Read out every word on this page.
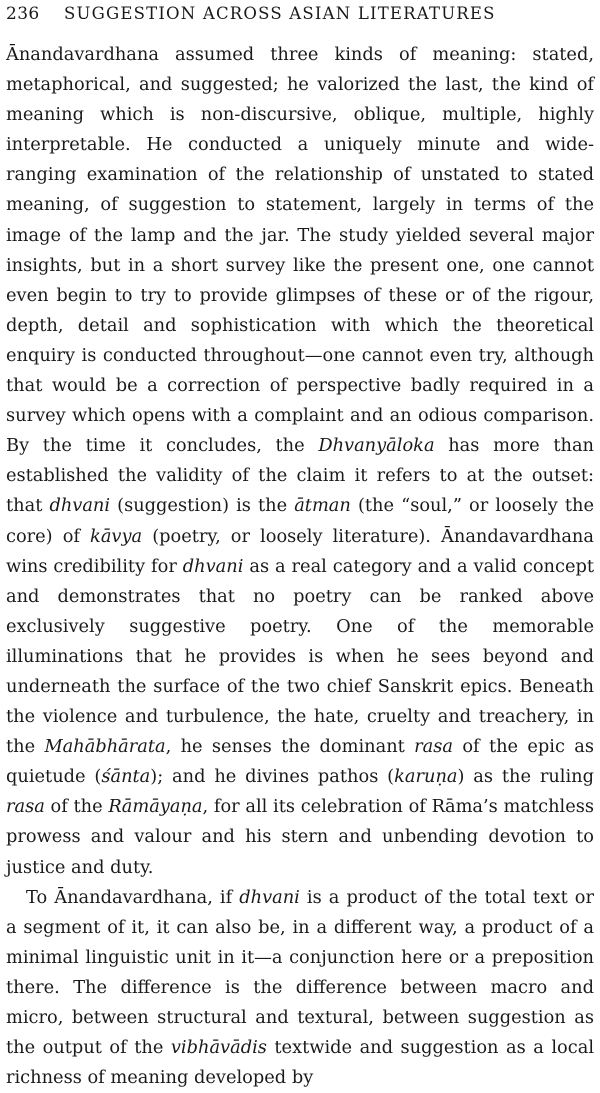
236	SUGGESTION ACROSS ASIAN LITERATURES

Ānandavardhana assumed three kinds of meaning: stated, metaphorical, and suggested; he valorized the last, the kind of meaning which is non-discursive, oblique, multiple, highly interpretable. He conducted a uniquely minute and wide-ranging examination of the relationship of unstated to stated meaning, of suggestion to statement, largely in terms of the image of the lamp and the jar. The study yielded several major insights, but in a short survey like the present one, one cannot even begin to try to provide glimpses of these or of the rigour, depth, detail and sophistication with which the theoretical enquiry is conducted throughout—one cannot even try, although that would be a correction of perspective badly required in a survey which opens with a complaint and an odious comparison. By the time it concludes, the Dhvanyāloka has more than established the validity of the claim it refers to at the outset: that dhvani (suggestion) is the ātman (the “soul,” or loosely the core) of kāvya (poetry, or loosely literature). Ānandavardhana wins credibility for dhvani as a real category and a valid concept and demonstrates that no poetry can be ranked above exclusively suggestive poetry. One of the memorable illuminations that he provides is when he sees beyond and underneath the surface of the two chief Sanskrit epics. Beneath the violence and turbulence, the hate, cruelty and treachery, in the Mahābhārata, he senses the dominant rasa of the epic as quietude (śānta); and he divines pathos (karuṇa) as the ruling rasa of the Rāmāyaṇa, for all its celebration of Rāma’s matchless prowess and valour and his stern and unbending devotion to justice and duty.

To Ānandavardhana, if dhvani is a product of the total text or a segment of it, it can also be, in a different way, a product of a minimal linguistic unit in it—a conjunction here or a preposition there. The difference is the difference between macro and micro, between structural and textural, between suggestion as the output of the vibhāvādis textwide and suggestion as a local richness of meaning developed by
